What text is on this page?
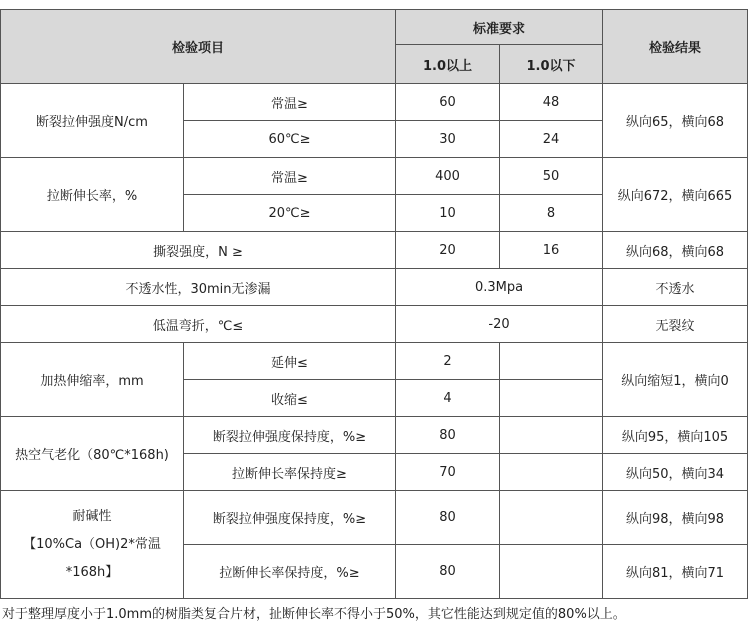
检验项目		标准要求		检验结果
		1.0以上	1.0以下	
断裂拉伸强度N/cm	常温≥	60	48	纵向65，横向68
	60℃≥	30	24	
拉断伸长率，%	常温≥	400	50	纵向672，横向665
	20℃≥	10	8	
撕裂强度，N ≥		20	16	纵向68，横向68
不透水性，30min无渗漏		0.3Mpa		不透水
低温弯折，℃≤		-20		无裂纹
加热伸缩率，mm	延伸≤	2		纵向缩短1，横向0
	收缩≤	4		
热空气老化（80℃*168h)	断裂拉伸强度保持度，%≥	80		纵向95，横向105
	拉断伸长率保持度≥	70		纵向50，横向34

耐碱性
【10%Ca（OH)2*常温
*168h】	断裂拉伸强度保持度，%≥	80		纵向98，横向98
	拉断伸长率保持度，%≥	80		纵向81，横向71
对于整理厚度小于1.0mm的树脂类复合片材，扯断伸长率不得小于50%，其它性能达到规定值的80%以上。
